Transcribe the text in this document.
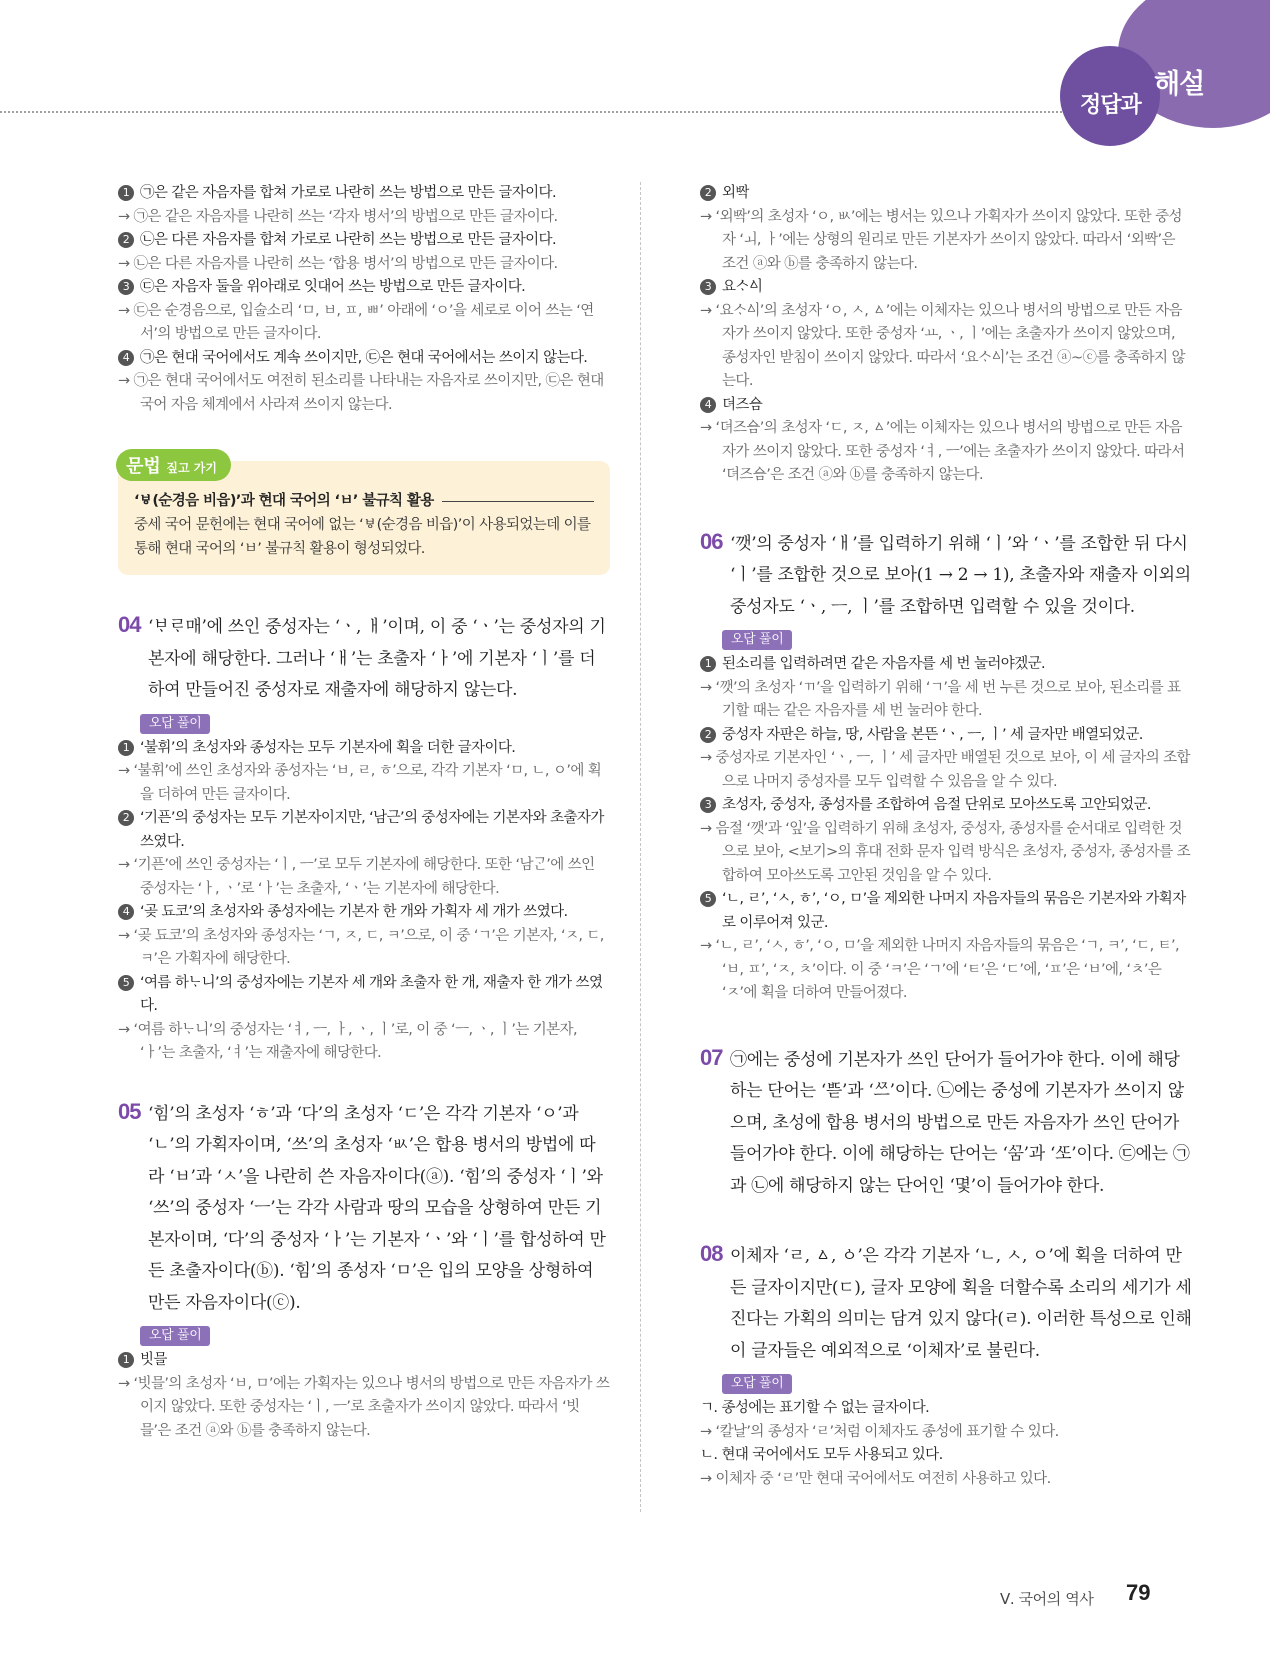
해설
정답과
1 ㉠은 같은 자음자를 합쳐 가로로 나란히 쓰는 방법으로 만든 글자이다.
→ ㉠은 같은 자음자를 나란히 쓰는 ‘각자 병서’의 방법으로 만든 글자이다.
2 ㉡은 다른 자음자를 합쳐 가로로 나란히 쓰는 방법으로 만든 글자이다.
→ ㉡은 다른 자음자를 나란히 쓰는 ‘합용 병서’의 방법으로 만든 글자이다.
3 ㉢은 자음자 둘을 위아래로 잇대어 쓰는 방법으로 만든 글자이다.
→ ㉢은 순경음으로, 입술소리 ‘ㅁ, ㅂ, ㅍ, ㅃ’ 아래에 ‘ㅇ’을 세로로 이어 쓰는 ‘연서’의 방법으로 만든 글자이다.
4 ㉠은 현대 국어에서도 계속 쓰이지만, ㉢은 현대 국어에서는 쓰이지 않는다.
→ ㉠은 현대 국어에서도 여전히 된소리를 나타내는 자음자로 쓰이지만, ㉢은 현대 국어 자음 체계에서 사라져 쓰이지 않는다.
문법 짚고 가기
‘ㅸ(순경음 비읍)’과 현대 국어의 ‘ㅂ’ 불규칙 활용
중세 국어 문헌에는 현대 국어에 없는 ‘ㅸ(순경음 비읍)’이 사용되었는데 이를 통해 현대 국어의 ‘ㅂ’ 불규칙 활용이 형성되었다.
04 ‘ᄇᆞᄅᆞ매’에 쓰인 중성자는 ‘ㆍ, ㅐ’이며, 이 중 ‘ㆍ’는 중성자의 기본자에 해당한다. 그러나 ‘ㅐ’는 초출자 ‘ㅏ’에 기본자 ‘ㅣ’를 더하여 만들어진 중성자로 재출자에 해당하지 않는다.
오답 풀이
1 ‘불휘’의 초성자와 종성자는 모두 기본자에 획을 더한 글자이다.
→ ‘불휘’에 쓰인 초성자와 종성자는 ‘ㅂ, ㄹ, ㅎ’으로, 각각 기본자 ‘ㅁ, ㄴ, ㅇ’에 획을 더하여 만든 글자이다.
2 ‘기픈’의 중성자는 모두 기본자이지만, ‘남근’의 중성자에는 기본자와 초출자가 쓰였다.
→ ‘기픈’에 쓰인 중성자는 ‘ㅣ, ㅡ’로 모두 기본자에 해당한다. 또한 ‘남ᄀᆞᆫ’에 쓰인 중성자는 ‘ㅏ, ㆍ’로 ‘ㅏ’는 초출자, ‘ㆍ’는 기본자에 해당한다.
4 ‘곶 됴코’의 초성자와 종성자에는 기본자 한 개와 가획자 세 개가 쓰였다.
→ ‘곶 됴코’의 초성자와 종성자는 ‘ㄱ, ㅈ, ㄷ, ㅋ’으로, 이 중 ‘ㄱ’은 기본자, ‘ㅈ, ㄷ, ㅋ’은 가획자에 해당한다.
5 ‘여름 하ᄂᆞ니’의 중성자에는 기본자 세 개와 초출자 한 개, 재출자 한 개가 쓰였다.
→ ‘여름 하ᄂᆞ니’의 중성자는 ‘ㅕ, ㅡ, ㅏ, ㆍ, ㅣ’로, 이 중 ‘ㅡ, ㆍ, ㅣ’는 기본자, ‘ㅏ’는 초출자, ‘ㅕ’는 재출자에 해당한다.
05 ‘힘’의 초성자 ‘ㅎ’과 ‘다’의 초성자 ‘ㄷ’은 각각 기본자 ‘ㅇ’과 ‘ㄴ’의 가획자이며, ‘쓰’의 초성자 ‘ㅄ’은 합용 병서의 방법에 따라 ‘ㅂ’과 ‘ㅅ’을 나란히 쓴 자음자이다(ⓐ). ‘힘’의 중성자 ‘ㅣ’와 ‘쓰’의 중성자 ‘ㅡ’는 각각 사람과 땅의 모습을 상형하여 만든 기본자이며, ‘다’의 중성자 ‘ㅏ’는 기본자 ‘ㆍ’와 ‘ㅣ’를 합성하여 만든 초출자이다(ⓑ). ‘힘’의 종성자 ‘ㅁ’은 입의 모양을 상형하여 만든 자음자이다(ⓒ).
오답 풀이
1 빗믈
→ ‘빗믈’의 초성자 ‘ㅂ, ㅁ’에는 가획자는 있으나 병서의 방법으로 만든 자음자가 쓰이지 않았다. 또한 중성자는 ‘ㅣ, ㅡ’로 초출자가 쓰이지 않았다. 따라서 ‘빗믈’은 조건 ⓐ와 ⓑ를 충족하지 않는다.
2 외ᄧᅡᆨ
→ ‘외ᄧᅡᆨ’의 초성자 ‘ㅇ, ㅄ’에는 병서는 있으나 가획자가 쓰이지 않았다. 또한 중성자 ‘ㅚ, ㅏ’에는 상형의 원리로 만든 기본자가 쓰이지 않았다. 따라서 ‘외ᄧᅡᆨ’은 조건 ⓐ와 ⓑ를 충족하지 않는다.
3 요ᄉᆞᅀᅵ
→ ‘요ᄉᆞᅀᅵ’의 초성자 ‘ㅇ, ㅅ, ㅿ’에는 이체자는 있으나 병서의 방법으로 만든 자음자가 쓰이지 않았다. 또한 중성자 ‘ㅛ, ㆍ, ㅣ’에는 초출자가 쓰이지 않았으며, 종성자인 받침이 쓰이지 않았다. 따라서 ‘요ᄉᆞᅀᅵ’는 조건 ⓐ~ⓒ를 충족하지 않는다.
4 뎌즈ᅀᅳᆷ
→ ‘뎌즈ᅀᅳᆷ’의 초성자 ‘ㄷ, ㅈ, ㅿ’에는 이체자는 있으나 병서의 방법으로 만든 자음자가 쓰이지 않았다. 또한 중성자 ‘ㅕ, ㅡ’에는 초출자가 쓰이지 않았다. 따라서 ‘뎌즈ᅀᅳᆷ’은 조건 ⓐ와 ⓑ를 충족하지 않는다.
06 ‘깻’의 중성자 ‘ㅐ’를 입력하기 위해 ‘ㅣ’와 ‘ㆍ’를 조합한 뒤 다시 ‘ㅣ’를 조합한 것으로 보아(1 → 2 → 1), 초출자와 재출자 이외의 중성자도 ‘ㆍ, ㅡ, ㅣ’를 조합하면 입력할 수 있을 것이다.
오답 풀이
1 된소리를 입력하려면 같은 자음자를 세 번 눌러야겠군.
→ ‘깻’의 초성자 ‘ㄲ’을 입력하기 위해 ‘ㄱ’을 세 번 누른 것으로 보아, 된소리를 표기할 때는 같은 자음자를 세 번 눌러야 한다.
2 중성자 자판은 하늘, 땅, 사람을 본뜬 ‘ㆍ, ㅡ, ㅣ’ 세 글자만 배열되었군.
→ 중성자로 기본자인 ‘ㆍ, ㅡ, ㅣ’ 세 글자만 배열된 것으로 보아, 이 세 글자의 조합으로 나머지 중성자를 모두 입력할 수 있음을 알 수 있다.
3 초성자, 중성자, 종성자를 조합하여 음절 단위로 모아쓰도록 고안되었군.
→ 음절 ‘깻’과 ‘잎’을 입력하기 위해 초성자, 중성자, 종성자를 순서대로 입력한 것으로 보아, <보기>의 휴대 전화 문자 입력 방식은 초성자, 중성자, 종성자를 조합하여 모아쓰도록 고안된 것임을 알 수 있다.
5 ‘ㄴ, ㄹ’, ‘ㅅ, ㅎ’, ‘ㅇ, ㅁ’을 제외한 나머지 자음자들의 묶음은 기본자와 가획자로 이루어져 있군.
→ ‘ㄴ, ㄹ’, ‘ㅅ, ㅎ’, ‘ㅇ, ㅁ’을 제외한 나머지 자음자들의 묶음은 ‘ㄱ, ㅋ’, ‘ㄷ, ㅌ’, ‘ㅂ, ㅍ’, ‘ㅈ, ㅊ’이다. 이 중 ‘ㅋ’은 ‘ㄱ’에 ‘ㅌ’은 ‘ㄷ’에, ‘ㅍ’은 ‘ㅂ’에, ‘ㅊ’은 ‘ㅈ’에 획을 더하여 만들어졌다.
07 ㉠에는 중성에 기본자가 쓰인 단어가 들어가야 한다. 이에 해당하는 단어는 ‘ᄠᅳᆮ’과 ‘ᄶᅳ’이다. ㉡에는 중성에 기본자가 쓰이지 않으며, 초성에 합용 병서의 방법으로 만든 자음자가 쓰인 단어가 들어가야 한다. 이에 해당하는 단어는 ‘ᄭᅮᆷ’과 ‘ᄯᅩ’이다. ㉢에는 ㉠과 ㉡에 해당하지 않는 단어인 ‘몇’이 들어가야 한다.
08 이체자 ‘ㄹ, ㅿ, ㆁ’은 각각 기본자 ‘ㄴ, ㅅ, ㅇ’에 획을 더하여 만든 글자이지만(ㄷ), 글자 모양에 획을 더할수록 소리의 세기가 세진다는 가획의 의미는 담겨 있지 않다(ㄹ). 이러한 특성으로 인해 이 글자들은 예외적으로 ‘이체자’로 불린다.
오답 풀이
ㄱ. 종성에는 표기할 수 없는 글자이다.
→ ‘칼날’의 종성자 ‘ㄹ’처럼 이체자도 종성에 표기할 수 있다.
ㄴ. 현대 국어에서도 모두 사용되고 있다.
→ 이체자 중 ‘ㄹ’만 현대 국어에서도 여전히 사용하고 있다.
Ⅴ. 국어의 역사 79
